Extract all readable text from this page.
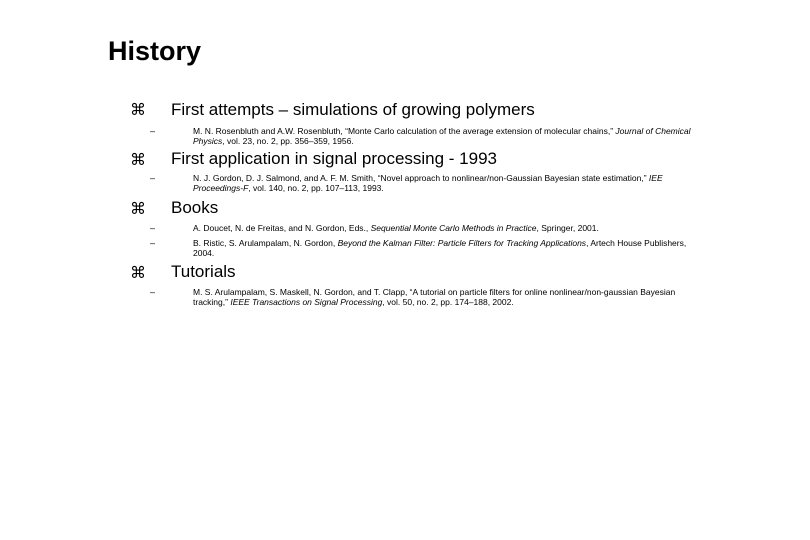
History
⌘ First attempts – simulations of growing polymers
–	M. N. Rosenbluth and A.W. Rosenbluth, “Monte Carlo calculation of the average extension of molecular chains,” Journal of Chemical Physics, vol. 23, no. 2, pp. 356–359, 1956.
⌘ First application in signal processing - 1993
–	N. J. Gordon, D. J. Salmond, and A. F. M. Smith, “Novel approach to nonlinear/non-Gaussian Bayesian state estimation,” IEE Proceedings-F, vol. 140, no. 2, pp. 107–113, 1993.
⌘ Books
–	A. Doucet, N. de Freitas, and N. Gordon, Eds., Sequential Monte Carlo Methods in Practice, Springer, 2001.
–	B. Ristic, S. Arulampalam, N. Gordon, Beyond the Kalman Filter: Particle Filters for Tracking Applications, Artech House Publishers, 2004.
⌘ Tutorials
–	M. S. Arulampalam, S. Maskell, N. Gordon, and T. Clapp, “A tutorial on particle filters for online nonlinear/non-gaussian Bayesian tracking,” IEEE Transactions on Signal Processing, vol. 50, no. 2, pp. 174–188, 2002.
